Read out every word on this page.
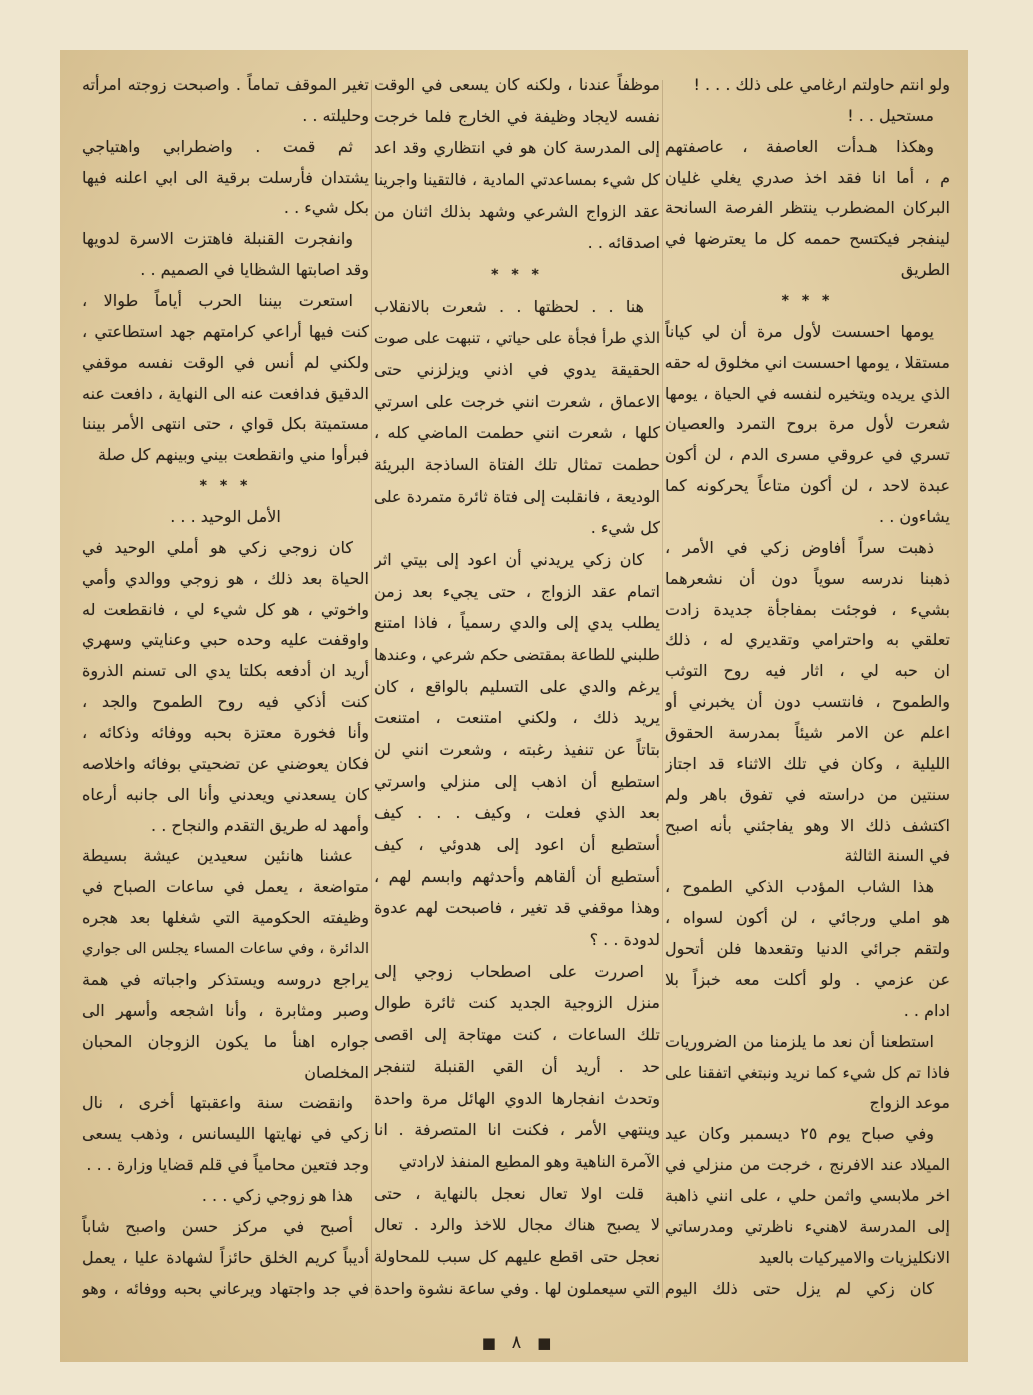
ولو انتم حاولتم ارغامي على ذلك . . . !
مستحيل . . !
وهكذا هـدأت العاصفة ، عاصفتهم
م ، أما انا فقد اخذ صدري يغلي غليان
البركان المضطرب ينتظر الفرصة السانحة
لينفجر فيكتسح حممه كل ما يعترضها في
الطريق
* * *
يومها احسست لأول مرة أن لي كياناً
مستقلا ، يومها احسست اني مخلوق له حقه
الذي يريده ويتخيره لنفسه في الحياة ، يومها
شعرت لأول مرة بروح التمرد والعصيان
تسري في عروقي مسرى الدم ، لن أكون
عبدة لاحد ، لن أكون متاعاً يحركونه كما
يشاءون . .
ذهبت سراً أفاوض زكي في الأمر ،
ذهبنا ندرسه سوياً دون أن نشعرهما
بشيء ، فوجئت بمفاجأة جديدة زادت
تعلقي به واحترامي وتقديري له ، ذلك
ان حبه لي ، اثار فيه روح التوثب
والطموح ، فانتسب دون أن يخبرني أو
اعلم عن الامر شيئاً بمدرسة الحقوق
الليلية ، وكان في تلك الاثناء قد اجتاز
سنتين من دراسته في تفوق باهر ولم
اكتشف ذلك الا وهو يفاجئني بأنه اصبح
في السنة الثالثة
هذا الشاب المؤدب الذكي الطموح ،
هو املي ورجائي ، لن أكون لسواه ،
ولتقم جرائي الدنيا وتقعدها فلن أتحول
عن عزمي . ولو أكلت معه خبزاً بلا
ادام . .
استطعنا أن نعد ما يلزمنا من الضروريات
فاذا تم كل شيء كما نريد ونبتغي اتفقنا على
موعد الزواج
وفي صباح يوم ٢٥ ديسمبر وكان عيد
الميلاد عند الافرنج ، خرجت من منزلي في
اخر ملابسي واثمن حلي ، على انني ذاهبة
إلى المدرسة لاهنيء ناظرتي ومدرساتي
الانكليزيات والاميركيات بالعيد
كان زكي لم يزل حتى ذلك اليوم
موظفاً عندنا ، ولكنه كان يسعى في الوقت
نفسه لايجاد وظيفة في الخارج فلما خرجت
إلى المدرسة كان هو في انتظاري وقد اعد
كل شيء بمساعدتي المادية ، فالتقينا واجرينا
عقد الزواج الشرعي وشهد بذلك اثنان من
اصدقائه . .
* * *
هنا . . لحظتها . . شعرت بالانقلاب
الذي طرأ فجأة على حياتي ، تنبهت على صوت
الحقيقة يدوي في اذني ويزلزني حتى
الاعماق ، شعرت انني خرجت على اسرتي
كلها ، شعرت انني حطمت الماضي كله ،
حطمت تمثال تلك الفتاة الساذجة البريئة
الوديعة ، فانقلبت إلى فتاة ثائرة متمردة على
كل شيء .
كان زكي يريدني أن اعود إلى بيتي اثر
اتمام عقد الزواج ، حتى يجيء بعد زمن
يطلب يدي إلى والدي رسمياً ، فاذا امتنع
طلبني للطاعة بمقتضى حكم شرعي ، وعندها
يرغم والدي على التسليم بالواقع ، كان
يريد ذلك ، ولكني امتنعت ، امتنعت
بتاتاً عن تنفيذ رغبته ، وشعرت انني لن
استطيع أن اذهب إلى منزلي واسرتي
بعد الذي فعلت ، وكيف . . . كيف
أستطيع أن اعود إلى هدوئي ، كيف
أستطيع أن ألقاهم وأحدثهم وابسم لهم ،
وهذا موقفي قد تغير ، فاصبحت لهم عدوة
لدودة . . ؟
اصررت على اصطحاب زوجي إلى
منزل الزوجية الجديد كنت ثائرة طوال
تلك الساعات ، كنت مهتاجة إلى اقصى
حد . أريد أن القي القنبلة لتنفجر
وتحدث انفجارها الدوي الهائل مرة واحدة
وينتهي الأمر ، فكنت انا المتصرفة . انا
الآمرة الناهية وهو المطيع المنفذ لارادتي
قلت اولا تعال نعجل بالنهاية ، حتى
لا يصبح هناك مجال للاخذ والرد . تعال
نعجل حتى اقطع عليهم كل سبب للمحاولة
التي سيعملون لها . وفي ساعة نشوة واحدة
تغير الموقف تماماً . واصبحت زوجته امرأته
وحليلته . .
ثم قمت . واضطرابي واهتياجي
يشتدان فأرسلت برقية الى ابي اعلنه فيها
بكل شيء . .
وانفجرت القنبلة فاهتزت الاسرة لدويها
وقد اصابتها الشظايا في الصميم . .
استعرت بيننا الحرب أياماً طوالا ،
كنت فيها أراعي كرامتهم جهد استطاعتي ،
ولكني لم أنس في الوقت نفسه موقفي
الدقيق فدافعت عنه الى النهاية ، دافعت عنه
مستميتة بكل قواي ، حتى انتهى الأمر بيننا
فبرأوا مني وانقطعت بيني وبينهم كل صلة
* * *
الأمل الوحيد . . .
كان زوجي زكي هو أملي الوحيد في
الحياة بعد ذلك ، هو زوجي ووالدي وأمي
واخوتي ، هو كل شيء لي ، فانقطعت له
واوقفت عليه وحده حبي وعنايتي وسهري
أريد ان أدفعه بكلتا يدي الى تسنم الذروة
كنت أذكي فيه روح الطموح والجد ،
وأنا فخورة معتزة بحبه ووفائه وذكائه ،
فكان يعوضني عن تضحيتي بوفائه واخلاصه
كان يسعدني ويعدني وأنا الى جانبه أرعاه
وأمهد له طريق التقدم والنجاح . .
عشنا هانئين سعيدين عيشة بسيطة
متواضعة ، يعمل في ساعات الصباح في
وظيفته الحكومية التي شغلها بعد هجره
الدائرة ، وفي ساعات المساء يجلس الى جواري
يراجع دروسه ويستذكر واجباته في همة
وصبر ومثابرة ، وأنا اشجعه وأسهر الى
جواره اهنأ ما يكون الزوجان المحبان
المخلصان
وانقضت سنة واعقبتها أخرى ، نال
زكي في نهايتها الليسانس ، وذهب يسعى
وجد فتعين محامياً في قلم قضايا وزارة . . .
هذا هو زوجي زكي . . .
أصبح في مركز حسن واصبح شاباً
أديباً كريم الخلق حائزاً لشهادة عليا ، يعمل
في جد واجتهاد ويرعاني بحبه ووفائه ، وهو
■ ٨ ■
